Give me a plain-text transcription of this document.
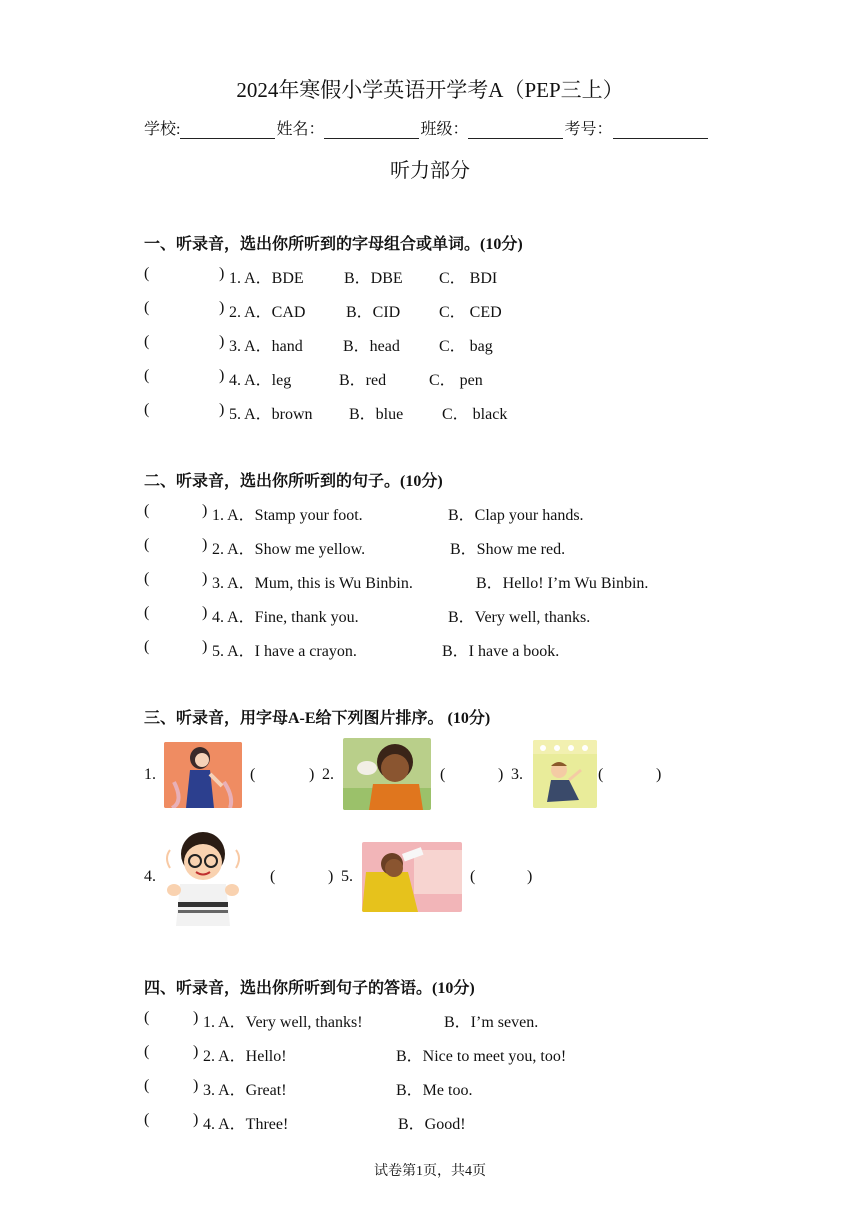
2024年寒假小学英语开学考A（PEP三上）
学校:	姓名：	班级：	考号：
听力部分
一、听录音，选出你所听到的字母组合或单词。(10分)
(	) 1. A．BDE	B．DBE C． BDI
(	) 2. A．CAD	B．CID C． CED
(	) 3. A．hand	B．head C． bag
(	) 4. A．leg	B．red	C． pen
(	) 5. A．brown B．blue C． black
二、听录音，选出你所听到的句子。(10分)
(	) 1. A．Stamp your foot.	B．Clap your hands.
(	) 2. A．Show me yellow.	B．Show me red.
(	) 3. A．Mum, this is Wu Binbin.	B．Hello! I’m Wu Binbin.
(	) 4. A．Fine, thank you.	B．Very well, thanks.
(	) 5. A．I have a crayon.	B．I have a book.
三、听录音，用字母A-E给下列图片排序。 (10分)
1.	(	) 2.	(	) 3.	(	)
4.	(	) 5.	(	)
四、听录音，选出你所听到句子的答语。(10分)
(	) 1. A．Very well, thanks!	B．I’m seven.
(	) 2. A．Hello!	B．Nice to meet you, too!
(	) 3. A．Great!	B．Me too.
(	) 4. A．Three!	B．Good!
试卷第1页，共4页
